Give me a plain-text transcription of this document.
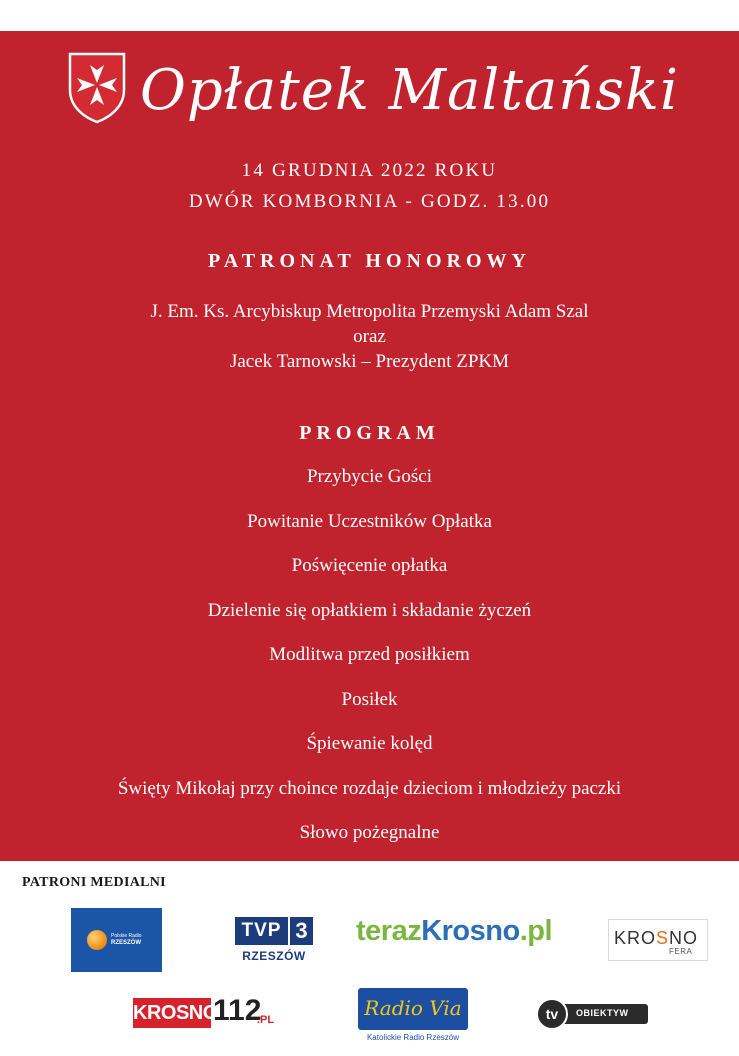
Opłatek Maltański
14 GRUDNIA 2022 ROKU
DWÓR KOMBORNIA - GODZ. 13.00
PATRONAT HONOROWY
J. Em. Ks. Arcybiskup Metropolita Przemyski Adam Szal
oraz
Jacek Tarnowski – Prezydent ZPKM
PROGRAM
Przybycie Gości
Powitanie Uczestników Opłatka
Poświęcenie opłatka
Dzielenie się opłatkiem i składanie życzeń
Modlitwa przed posiłkiem
Posiłek
Śpiewanie kolęd
Święty Mikołaj przy choince rozdaje dzieciom i młodzieży paczki
Słowo pożegnalne
PATRONI MEDIALNI
Polskie Radio
RZESZÓW
TVP 3
RZESZÓW
terazKrosno.pl	KROSNO
FERA
KROSNO
112
.PL	Radio Via
Katolickie Radio Rzeszów
tv	OBIEKTYW
